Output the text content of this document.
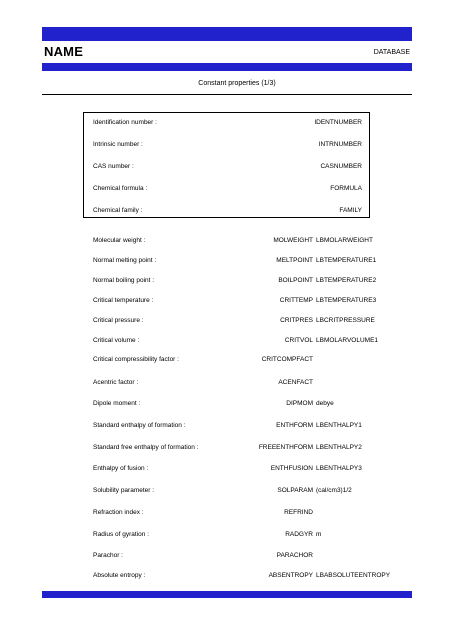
NAME	DATABASE
Constant properties (1/3)
Identification number :	IDENTNUMBER
Intrinsic number :	INTRNUMBER
CAS number :	CASNUMBER
Chemical formula :	FORMULA
Chemical family :	FAMILY
Molecular weight :	MOLWEIGHT LBMOLARWEIGHT
Normal melting point :	MELTPOINT LBTEMPERATURE1
Normal boiling point :	BOILPOINT LBTEMPERATURE2
Critical temperature :	CRITTEMP LBTEMPERATURE3
Critical pressure :	CRITPRES LBCRITPRESSURE
Critical volume :	CRITVOL LBMOLARVOLUME1
Critical compressibility factor :	CRITCOMPFACT
Acentric factor :	ACENFACT
Dipole moment :	DIPMOM debye
Standard enthalpy of formation :	ENTHFORM LBENTHALPY1
Standard free enthalpy of formation :	FREEENTHFORM LBENTHALPY2
Enthalpy of fusion :	ENTHFUSION LBENTHALPY3
Solubility parameter :	SOLPARAM (cal/cm3)1/2
Refraction index :	REFRIND
Radius of gyration :	RADGYR m
Parachor :	PARACHOR
Absolute entropy :	ABSENTROPY LBABSOLUTEENTROPY
